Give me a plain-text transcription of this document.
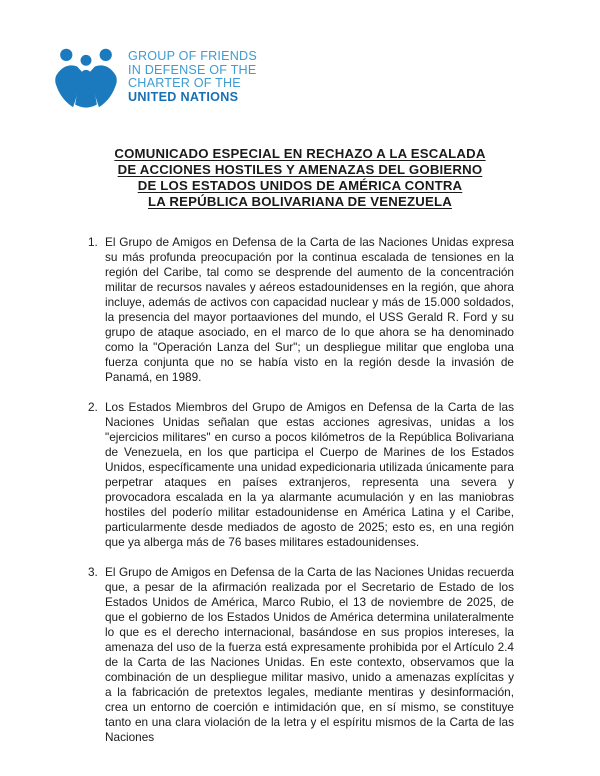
GROUP OF FRIENDS
IN DEFENSE OF THE
CHARTER OF THE
UNITED NATIONS
COMUNICADO ESPECIAL EN RECHAZO A LA ESCALADA
DE ACCIONES HOSTILES Y AMENAZAS DEL GOBIERNO
DE LOS ESTADOS UNIDOS DE AMÉRICA CONTRA
LA REPÚBLICA BOLIVARIANA DE VENEZUELA
1. El Grupo de Amigos en Defensa de la Carta de las Naciones Unidas expresa su más profunda preocupación por la continua escalada de tensiones en la región del Caribe, tal como se desprende del aumento de la concentración militar de recursos navales y aéreos estadounidenses en la región, que ahora incluye, además de activos con capacidad nuclear y más de 15.000 soldados, la presencia del mayor portaaviones del mundo, el USS Gerald R. Ford y su grupo de ataque asociado, en el marco de lo que ahora se ha denominado como la "Operación Lanza del Sur"; un despliegue militar que engloba una fuerza conjunta que no se había visto en la región desde la invasión de Panamá, en 1989.
2. Los Estados Miembros del Grupo de Amigos en Defensa de la Carta de las Naciones Unidas señalan que estas acciones agresivas, unidas a los "ejercicios militares" en curso a pocos kilómetros de la República Bolivariana de Venezuela, en los que participa el Cuerpo de Marines de los Estados Unidos, específicamente una unidad expedicionaria utilizada únicamente para perpetrar ataques en países extranjeros, representa una severa y provocadora escalada en la ya alarmante acumulación y en las maniobras hostiles del poderío militar estadounidense en América Latina y el Caribe, particularmente desde mediados de agosto de 2025; esto es, en una región que ya alberga más de 76 bases militares estadounidenses.
3. El Grupo de Amigos en Defensa de la Carta de las Naciones Unidas recuerda que, a pesar de la afirmación realizada por el Secretario de Estado de los Estados Unidos de América, Marco Rubio, el 13 de noviembre de 2025, de que el gobierno de los Estados Unidos de América determina unilateralmente lo que es el derecho internacional, basándose en sus propios intereses, la amenaza del uso de la fuerza está expresamente prohibida por el Artículo 2.4 de la Carta de las Naciones Unidas. En este contexto, observamos que la combinación de un despliegue militar masivo, unido a amenazas explícitas y a la fabricación de pretextos legales, mediante mentiras y desinformación, crea un entorno de coerción e intimidación que, en sí mismo, se constituye tanto en una clara violación de la letra y el espíritu mismos de la Carta de las Naciones
